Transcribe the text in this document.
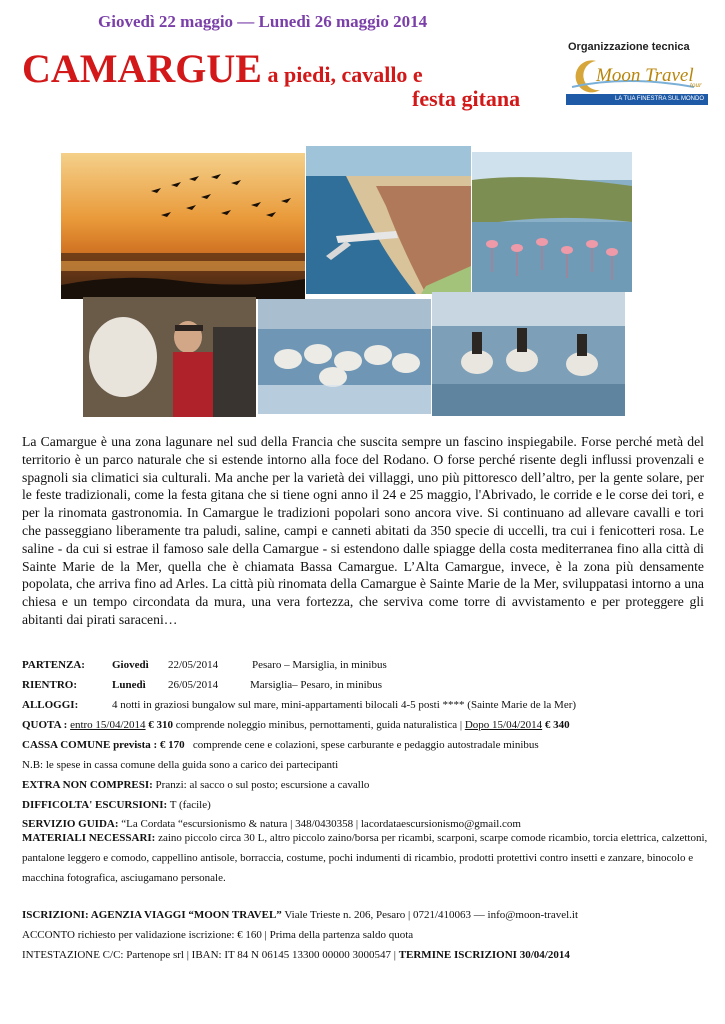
Giovedì 22 maggio — Lunedì 26 maggio 2014
CAMARGUE a piedi, cavallo e
festa gitana
Organizzazione tecnica
Moon Travel
tour
LA TUA FINESTRA SUL MONDO
La Camargue è una zona lagunare nel sud della Francia che suscita sempre un fascino inspiegabile. Forse perché metà del territorio è un parco naturale che si estende intorno alla foce del Rodano. O forse perché risente degli influssi provenzali e spagnoli sia climatici sia culturali. Ma anche per la varietà dei villaggi, uno più pittoresco dell’altro, per la gente solare, per le feste tradizionali, come la festa gitana che si tiene ogni anno il 24 e 25 maggio, l'Abrivado, le corride e le corse dei tori, e per la rinomata gastronomia. In Camargue le tradizioni popolari sono ancora vive. Si continuano ad allevare cavalli e tori che passeggiano liberamente tra paludi, saline, campi e canneti abitati da 350 specie di uccelli, tra cui i fenicotteri rosa. Le saline - da cui si estrae il famoso sale della Camargue - si estendono dalle spiagge della costa mediterranea fino alla città di Sainte Marie de la Mer, quella che è chiamata Bassa Camargue. L’Alta Camargue, invece, è la zona più densamente popolata, che arriva fino ad Arles. La città più rinomata della Camargue è Sainte Marie de la Mer, sviluppatasi intorno a una chiesa e un tempo circondata da mura, una vera fortezza, che serviva come torre di avvistamento e per proteggere gli abitanti dai pirati saraceni…
PARTENZA: Giovedì 22/05/2014	Pesaro – Marsiglia, in minibus
RIENTRO:	Lunedì 26/05/2014	Marsiglia– Pesaro, in minibus
ALLOGGI:	4 notti in graziosi bungalow sul mare, mini-appartamenti bilocali 4-5 posti **** (Sainte Marie de la Mer)
QUOTA : entro 15/04/2014 € 310 comprende noleggio minibus, pernottamenti, guida naturalistica | Dopo 15/04/2014 € 340
CASSA COMUNE prevista : € 170 comprende cene e colazioni, spese carburante e pedaggio autostradale minibus
N.B: le spese in cassa comune della guida sono a carico dei partecipanti
EXTRA NON COMPRESI: Pranzi: al sacco o sul posto; escursione a cavallo
DIFFICOLTA' ESCURSIONI: T (facile)
SERVIZIO GUIDA: “La Cordata “escursionismo & natura | 348/0430358 | lacordataescursionismo@gmail.com
MATERIALI NECESSARI: zaino piccolo circa 30 L, altro piccolo zaino/borsa per ricambi, scarponi, scarpe comode ricambio, torcia elettrica, calzettoni, pantalone leggero e comodo, cappellino antisole, borraccia, costume, pochi indumenti di ricambio, prodotti protettivi contro insetti e zanzare, binocolo e macchina fotografica, asciugamano personale.
ISCRIZIONI: AGENZIA VIAGGI “MOON TRAVEL” Viale Trieste n. 206, Pesaro | 0721/410063 — info@moon-travel.it
ACCONTO richiesto per validazione iscrizione: € 160 | Prima della partenza saldo quota
INTESTAZIONE C/C: Partenope srl | IBAN: IT 84 N 06145 13300 00000 3000547 | TERMINE ISCRIZIONI 30/04/2014
